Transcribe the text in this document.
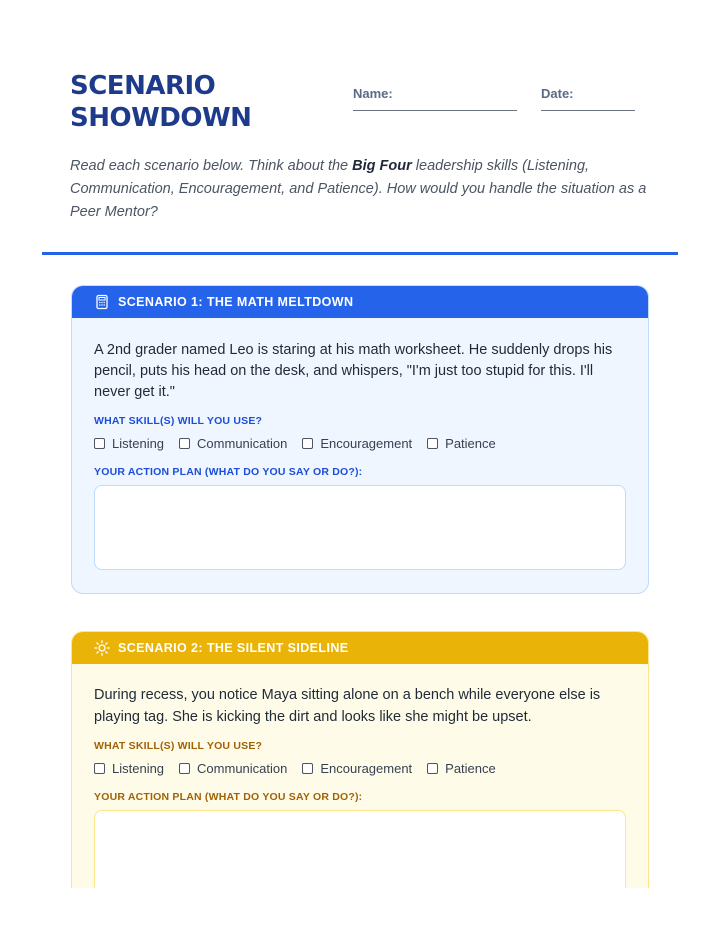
SCENARIO
SHOWDOWN
Name:	Date:

Read each scenario below. Think about the Big Four leadership skills (Listening, Communication, Encouragement, and Patience). How would you handle the situation as a Peer Mentor?

SCENARIO 1: THE MATH MELTDOWN

A 2nd grader named Leo is staring at his math worksheet. He suddenly drops his pencil, puts his head on the desk, and whispers, "I'm just too stupid for this. I'll never get it."

WHAT SKILL(S) WILL YOU USE?
Listening	Communication	Encouragement	Patience
YOUR ACTION PLAN (WHAT DO YOU SAY OR DO?):
SCENARIO 2: THE SILENT SIDELINE

During recess, you notice Maya sitting alone on a bench while everyone else is playing tag. She is kicking the dirt and looks like she might be upset.

WHAT SKILL(S) WILL YOU USE?
Listening	Communication	Encouragement	Patience
YOUR ACTION PLAN (WHAT DO YOU SAY OR DO?):
